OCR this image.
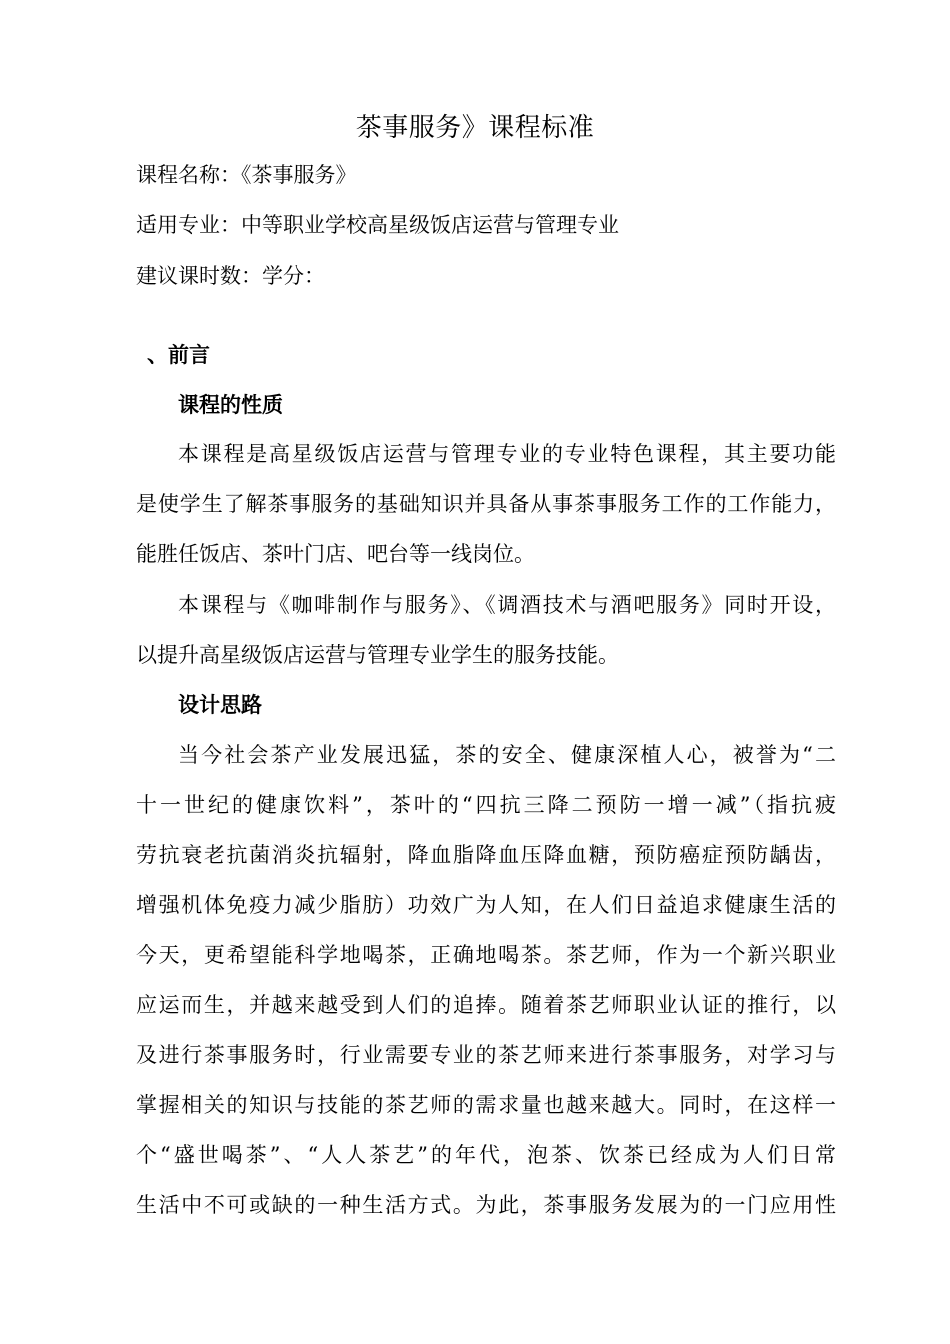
茶事服务》课程标准
课程名称：《茶事服务》
适用专业：中等职业学校高星级饭店运营与管理专业
建议课时数：学分：
、前言
课程的性质
本课程是高星级饭店运营与管理专业的专业特色课程，其主要功能
是使学生了解茶事服务的基础知识并具备从事茶事服务工作的工作能力，
能胜任饭店、茶叶门店、吧台等一线岗位。
本课程与《咖啡制作与服务》、《调酒技术与酒吧服务》同时开设，
以提升高星级饭店运营与管理专业学生的服务技能。
设计思路
当今社会茶产业发展迅猛，茶的安全、健康深植人心，被誉为“二
十一世纪的健康饮料”，茶叶的“四抗三降二预防一增一减”（指抗疲
劳抗衰老抗菌消炎抗辐射，降血脂降血压降血糖，预防癌症预防龋齿，
增强机体免疫力减少脂肪）功效广为人知，在人们日益追求健康生活的
今天，更希望能科学地喝茶，正确地喝茶。茶艺师，作为一个新兴职业
应运而生，并越来越受到人们的追捧。随着茶艺师职业认证的推行，以
及进行茶事服务时，行业需要专业的茶艺师来进行茶事服务，对学习与
掌握相关的知识与技能的茶艺师的需求量也越来越大。同时，在这样一
个“盛世喝茶”、“人人茶艺”的年代，泡茶、饮茶已经成为人们日常
生活中不可或缺的一种生活方式。为此，茶事服务发展为的一门应用性
